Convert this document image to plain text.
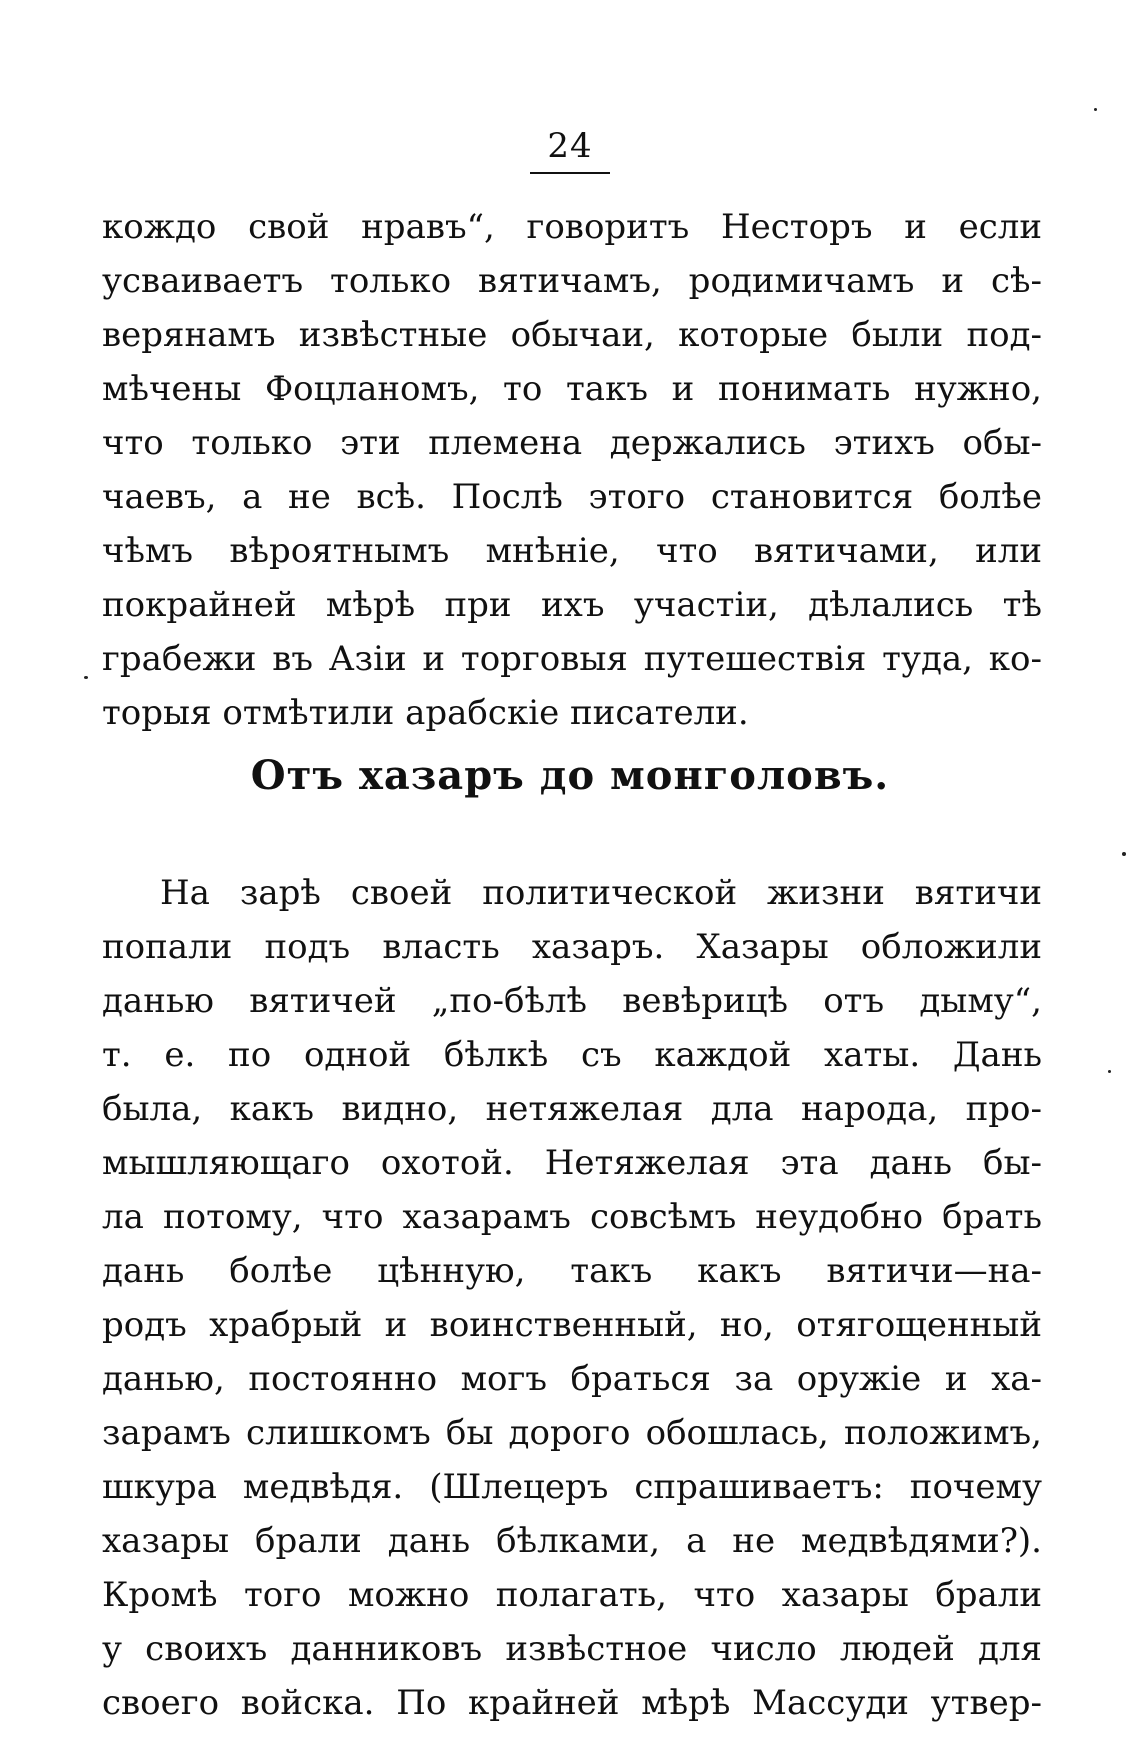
24
кождо свой нравъ“, говоритъ Несторъ и если
усваиваетъ только вятичамъ, родимичамъ и сѣ-
верянамъ извѣстные обычаи, которые были под-
мѣчены Фоцланомъ, то такъ и понимать нужно,
что только эти племена держались этихъ обы-
чаевъ, а не всѣ. Послѣ этого становится болѣе
чѣмъ вѣроятнымъ мнѣніе, что вятичами, или
покрайней мѣрѣ при ихъ участіи, дѣлались тѣ
грабежи въ Азіи и торговыя путешествія туда, ко-
торыя отмѣтили арабскіе писатели.
Отъ хазаръ до монголовъ.
На зарѣ своей политической жизни вятичи
попали подъ власть хазаръ. Хазары обложили
данью вятичей „по-бѣлѣ вевѣрицѣ отъ дыму“,
т. е. по одной бѣлкѣ съ каждой хаты. Дань
была, какъ видно, нетяжелая дла народа, про-
мышляющаго охотой. Нетяжелая эта дань бы-
ла потому, что хазарамъ совсѣмъ неудобно брать
дань болѣе цѣнную, такъ какъ вятичи—на-
родъ храбрый и воинственный, но, отягощенный
данью, постоянно могъ браться за оружіе и ха-
зарамъ слишкомъ бы дорого обошлась, положимъ,
шкура медвѣдя. (Шлецеръ спрашиваетъ: почему
хазары брали дань бѣлками, а не медвѣдями?).
Кромѣ того можно полагать, что хазары брали
у своихъ данниковъ извѣстное число людей для
своего войска. По крайней мѣрѣ Массуди утвер-
